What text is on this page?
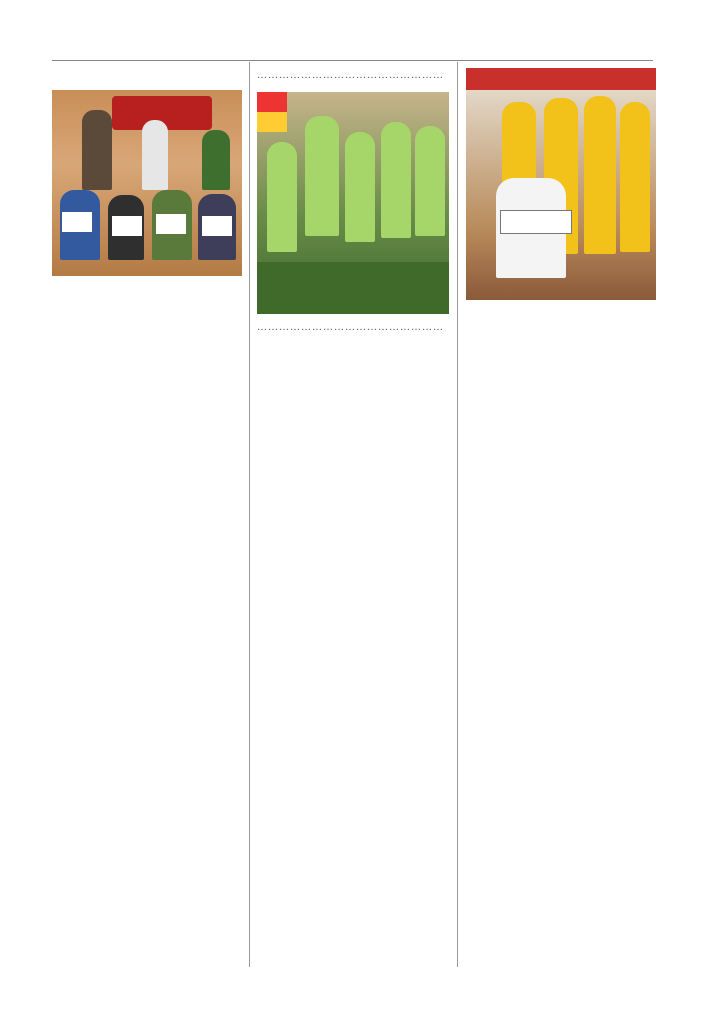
……………………………………………

……………………………………………
